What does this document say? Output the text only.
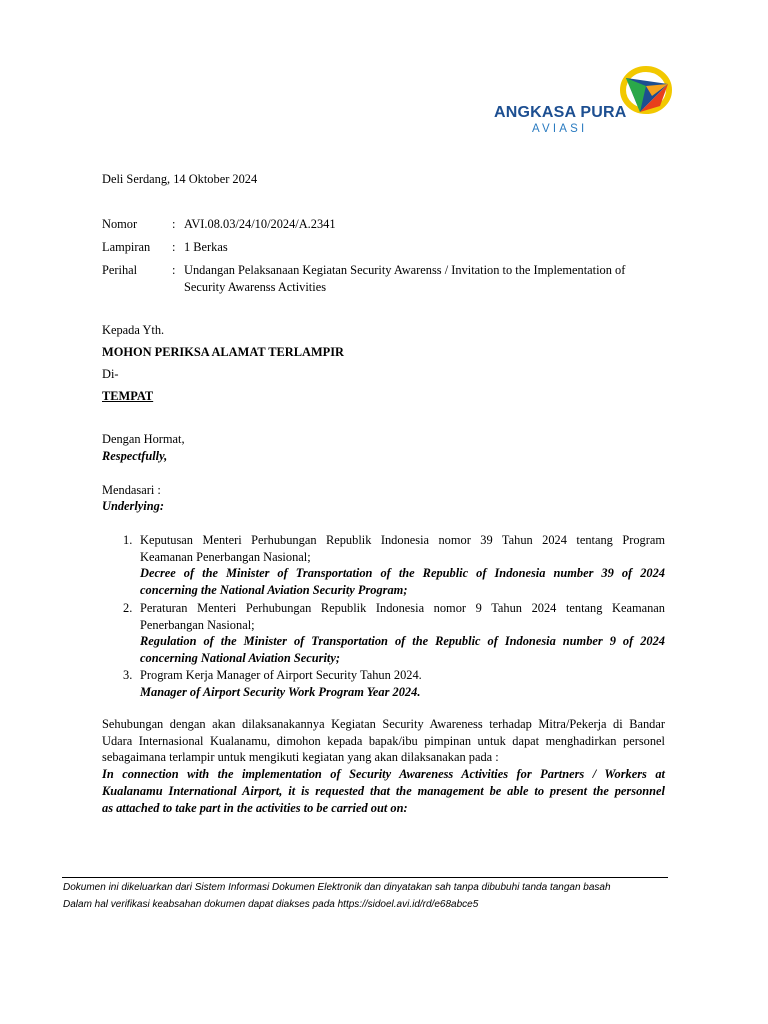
ANGKASA PURA
AVIASI
Deli Serdang, 14 Oktober 2024
Nomor	: AVI.08.03/24/10/2024/A.2341
Lampiran : 1 Berkas
Perihal	: Undangan Pelaksanaan Kegiatan Security Awarenss / Invitation to the Implementation of
Security Awarenss Activities
Kepada Yth.
MOHON PERIKSA ALAMAT TERLAMPIR
Di-
TEMPAT
Dengan Hormat,
Respectfully,
Mendasari :
Underlying:
1. Keputusan Menteri Perhubungan Republik Indonesia nomor 39 Tahun 2024 tentang Program
Keamanan Penerbangan Nasional;
Decree of the Minister of Transportation of the Republic of Indonesia number 39 of 2024
concerning the National Aviation Security Program;
2. Peraturan Menteri Perhubungan Republik Indonesia nomor 9 Tahun 2024 tentang Keamanan
Penerbangan Nasional;
Regulation of the Minister of Transportation of the Republic of Indonesia number 9 of 2024
concerning National Aviation Security;
3. Program Kerja Manager of Airport Security Tahun 2024.
Manager of Airport Security Work Program Year 2024.
Sehubungan dengan akan dilaksanakannya Kegiatan Security Awareness terhadap Mitra/Pekerja di Bandar
Udara Internasional Kualanamu, dimohon kepada bapak/ibu pimpinan untuk dapat menghadirkan personel
sebagaimana terlampir untuk mengikuti kegiatan yang akan dilaksanakan pada :
In connection with the implementation of Security Awareness Activities for Partners / Workers at
Kualanamu International Airport, it is requested that the management be able to present the personnel
as attached to take part in the activities to be carried out on:
Dokumen ini dikeluarkan dari Sistem Informasi Dokumen Elektronik dan dinyatakan sah tanpa dibubuhi tanda tangan basah
Dalam hal verifikasi keabsahan dokumen dapat diakses pada https://sidoel.avi.id/rd/e68abce5
